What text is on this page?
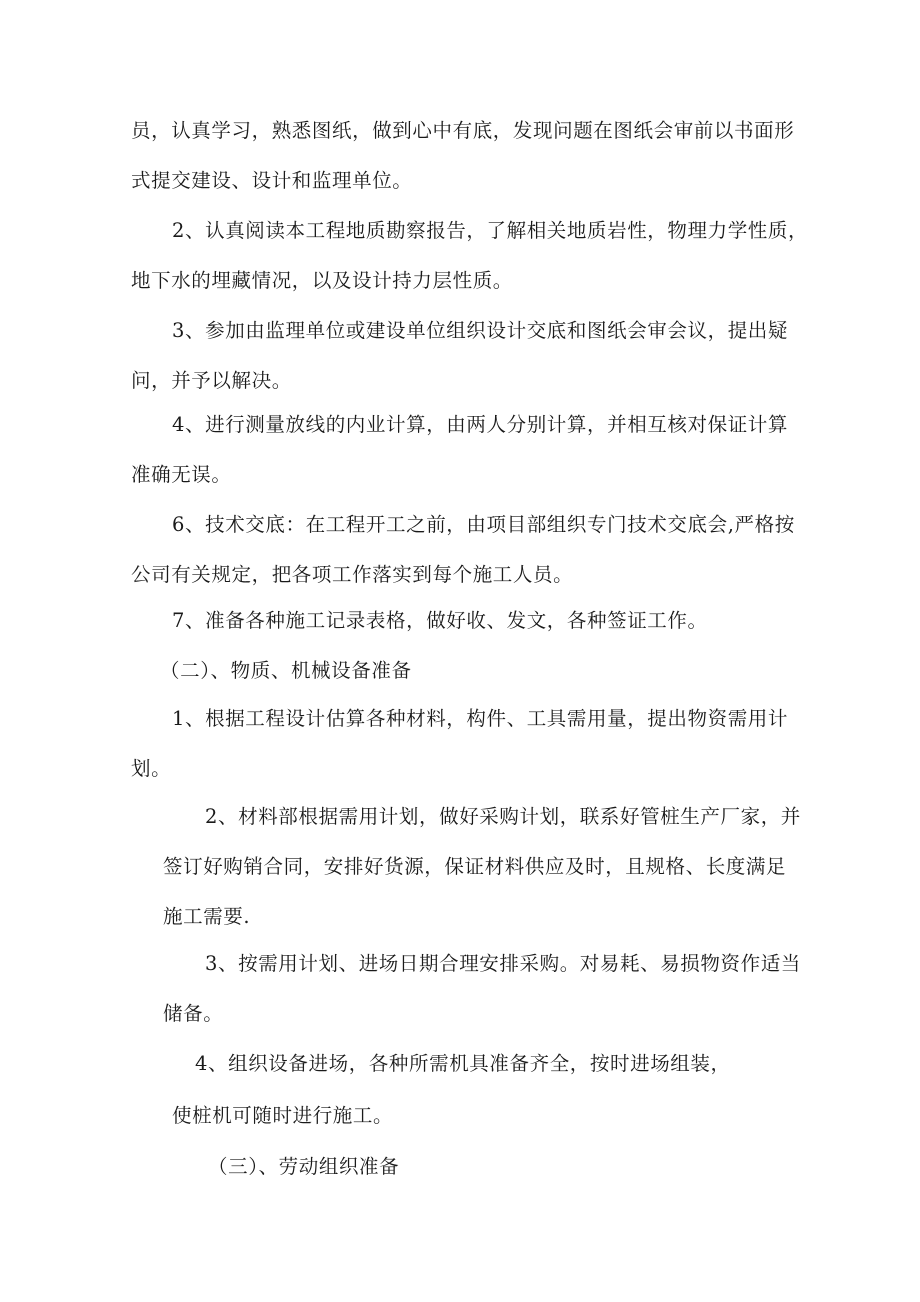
员，认真学习，熟悉图纸，做到心中有底，发现问题在图纸会审前以书面形
式提交建设、设计和监理单位。
2、认真阅读本工程地质勘察报告，了解相关地质岩性，物理力学性质，
地下水的埋藏情况，以及设计持力层性质。
3、参加由监理单位或建设单位组织设计交底和图纸会审会议，提出疑
问，并予以解决。
4、进行测量放线的内业计算，由两人分别计算，并相互核对保证计算
准确无误。
6、技术交底：在工程开工之前，由项目部组织专门技术交底会,严格按
公司有关规定，把各项工作落实到每个施工人员。
7、准备各种施工记录表格，做好收、发文，各种签证工作。
（二）、物质、机械设备准备
1、根据工程设计估算各种材料，构件、工具需用量，提出物资需用计
划。
2、材料部根据需用计划，做好采购计划，联系好管桩生产厂家，并
签订好购销合同，安排好货源，保证材料供应及时，且规格、长度满足
施工需要.
3、按需用计划、进场日期合理安排采购。对易耗、易损物资作适当
储备。
4、组织设备进场，各种所需机具准备齐全，按时进场组装，
使桩机可随时进行施工。
（三）、劳动组织准备
